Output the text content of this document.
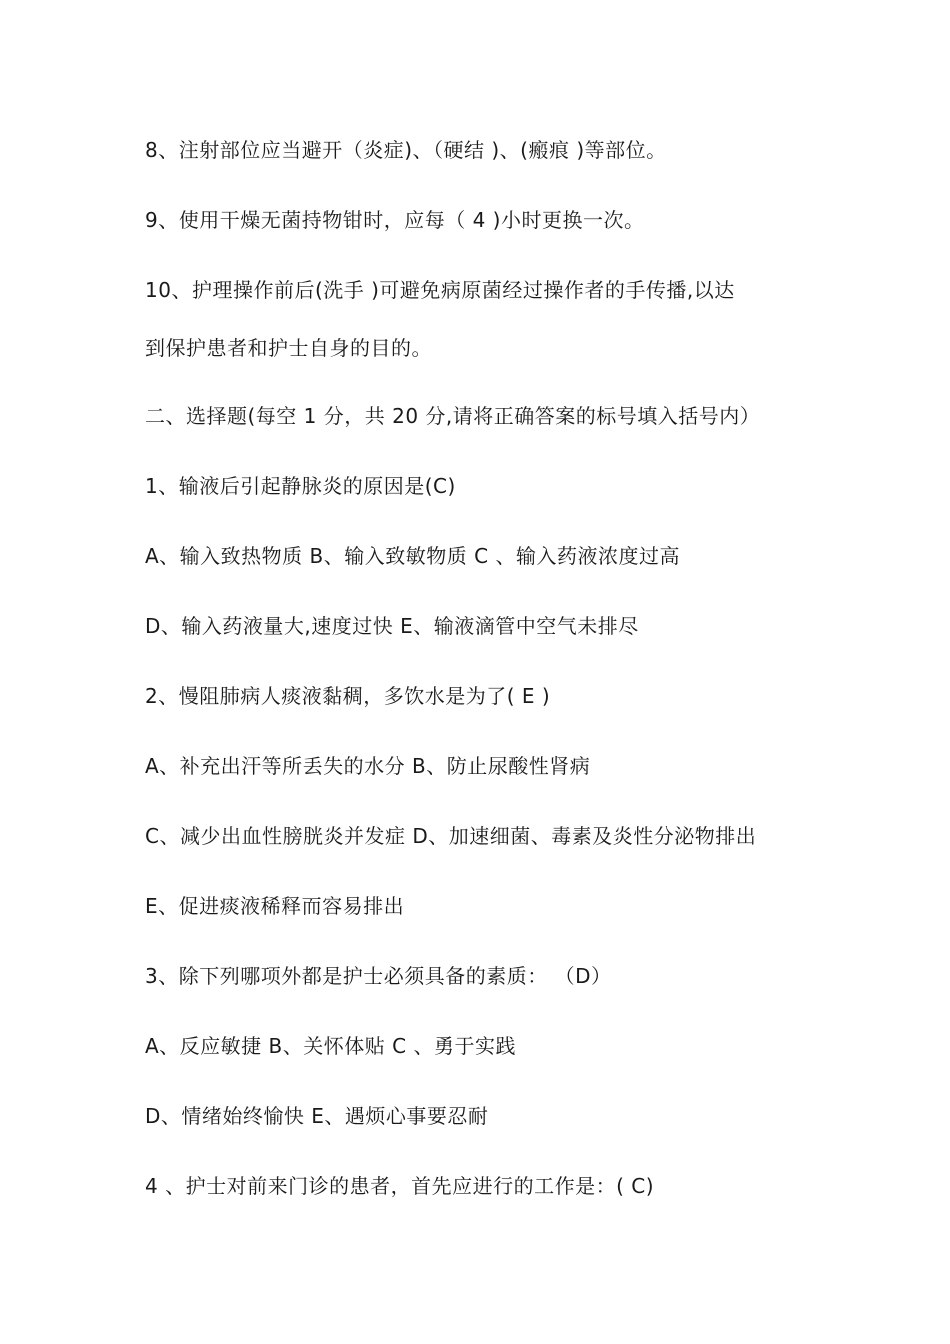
8、注射部位应当避开（炎症)、（硬结 )、(瘢痕 )等部位。
9、使用干燥无菌持物钳时，应每（ 4 )小时更换一次。
10、护理操作前后(洗手 )可避免病原菌经过操作者的手传播,以达
到保护患者和护士自身的目的。
二、选择题(每空 1 分，共 20 分,请将正确答案的标号填入括号内）
1、输液后引起静脉炎的原因是(C)
A、输入致热物质 B、输入致敏物质 C 、输入药液浓度过高
D、输入药液量大,速度过快 E、输液滴管中空气未排尽
2、慢阻肺病人痰液黏稠，多饮水是为了( E )
A、补充出汗等所丢失的水分 B、防止尿酸性肾病
C、减少出血性膀胱炎并发症 D、加速细菌、毒素及炎性分泌物排出
E、促进痰液稀释而容易排出
3、除下列哪项外都是护士必须具备的素质： （D）
A、反应敏捷 B、关怀体贴 C 、勇于实践
D、情绪始终愉快 E、遇烦心事要忍耐
4 、护士对前来门诊的患者，首先应进行的工作是：( C)
